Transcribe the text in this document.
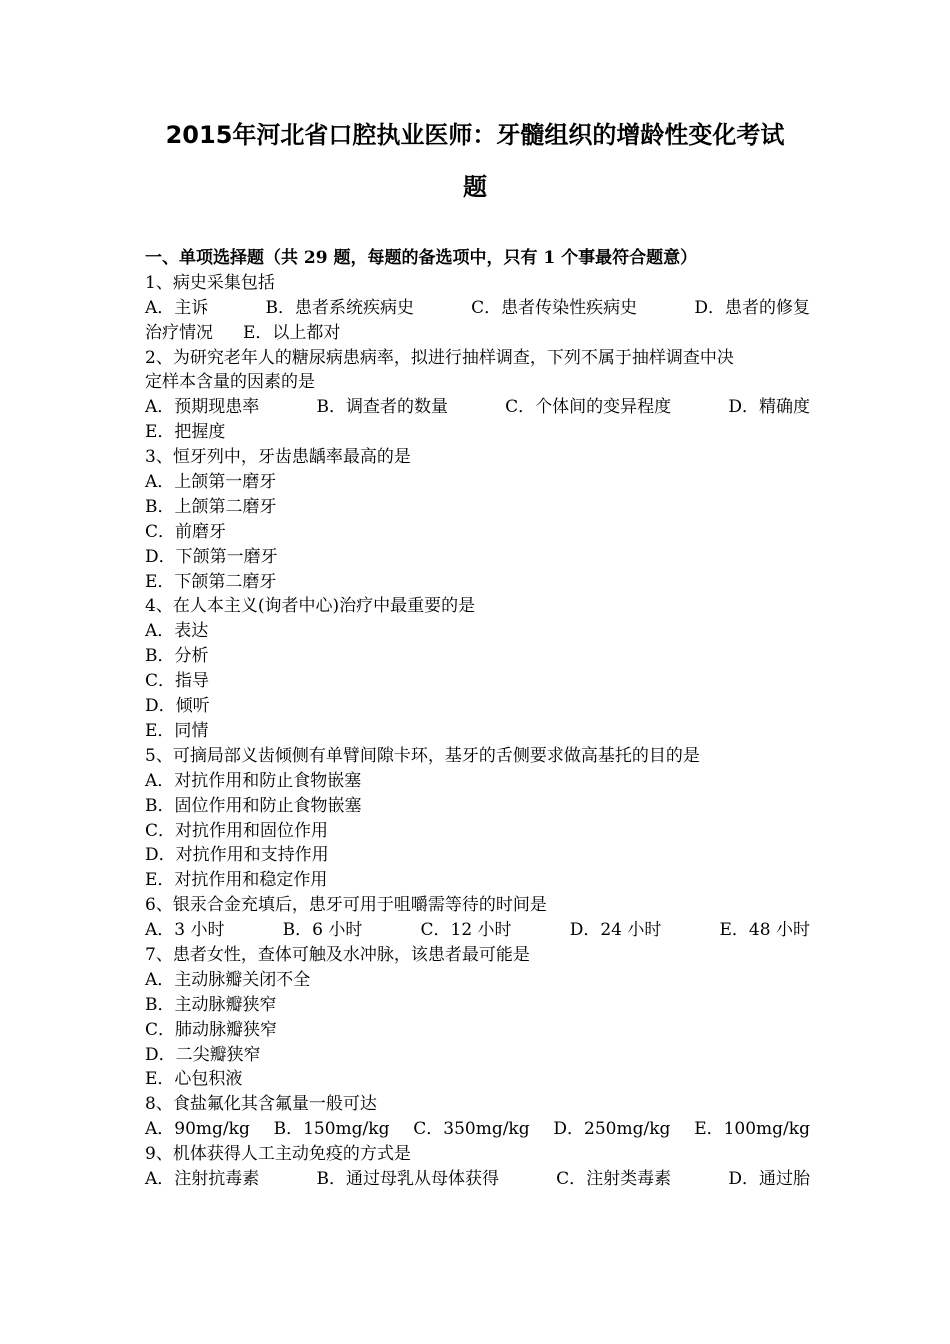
2015年河北省口腔执业医师：牙髓组织的增龄性变化考试
题
一、单项选择题（共 29 题，每题的备选项中，只有 1 个事最符合题意）
1、病史采集包括
A．主诉	B．患者系统疾病史	C．患者传染性疾病史	D．患者的修复
治疗情况 E．以上都对
2、为研究老年人的糖尿病患病率，拟进行抽样调查，下列不属于抽样调查中决
定样本含量的因素的是
A．预期现患率	B．调查者的数量	C．个体间的变异程度	D．精确度
E．把握度
3、恒牙列中，牙齿患龋率最高的是
A．上颌第一磨牙
B．上颌第二磨牙
C．前磨牙
D．下颌第一磨牙
E．下颌第二磨牙
4、在人本主义(询者中心)治疗中最重要的是
A．表达
B．分析
C．指导
D．倾听
E．同情
5、可摘局部义齿倾侧有单臂间隙卡环，基牙的舌侧要求做高基托的目的是
A．对抗作用和防止食物嵌塞
B．固位作用和防止食物嵌塞
C．对抗作用和固位作用
D．对抗作用和支持作用
E．对抗作用和稳定作用
6、银汞合金充填后，患牙可用于咀嚼需等待的时间是
A．3 小时	B．6 小时	C．12 小时	D．24 小时	E．48 小时
7、患者女性，查体可触及水冲脉，该患者最可能是
A．主动脉瓣关闭不全
B．主动脉瓣狭窄
C．肺动脉瓣狭窄
D．二尖瓣狭窄
E．心包积液
8、食盐氟化其含氟量一般可达
A．90mg/kg B．150mg/kg C．350mg/kg D．250mg/kg E．100mg/kg
9、机体获得人工主动免疫的方式是
A．注射抗毒素	B．通过母乳从母体获得	C．注射类毒素	D．通过胎
